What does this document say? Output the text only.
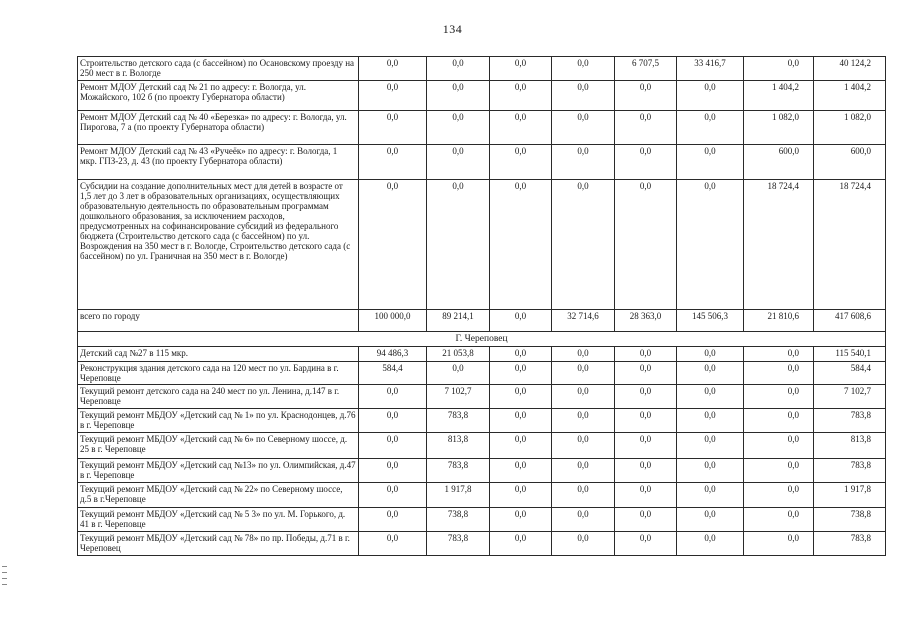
134
Строительство детского сада (с бассейном) по Осановскому проезду на 250 мест в г. Вологде	0,0	0,0	0,0	0,0	6 707,5	33 416,7	0,0	40 124,2
Ремонт МДОУ Детский сад № 21 по адресу: г. Вологда, ул. Можайского, 102 б (по проекту Губернатора области)	0,0	0,0	0,0	0,0	0,0	0,0	1 404,2	1 404,2
Ремонт МДОУ Детский сад № 40 «Березка» по адресу: г. Вологда, ул. Пирогова, 7 а (по проекту Губернатора области)	0,0	0,0	0,0	0,0	0,0	0,0	1 082,0	1 082,0
Ремонт МДОУ Детский сад № 43 «Ручеёк» по адресу: г. Вологда, 1 мкр. ГПЗ-23, д. 43 (по проекту Губернатора области)	0,0	0,0	0,0	0,0	0,0	0,0	600,0	600,0
Субсидии на создание дополнительных мест для детей в возрасте от 1,5 лет до 3 лет в образовательных организациях, осуществляющих образовательную деятельность по образовательным программам дошкольного образования, за исключением расходов, предусмотренных на софинансирование субсидий из федерального бюджета (Строительство детского сада (с бассейном) по ул. Возрождения на 350 мест в г. Вологде, Строительство детского сада (с бассейном) по ул. Граничная на 350 мест в г. Вологде)	0,0	0,0	0,0	0,0	0,0	0,0	18 724,4	18 724,4
всего по городу	100 000,0	89 214,1	0,0	32 714,6	28 363,0	145 506,3	21 810,6	417 608,6
Г. Череповец								
Детский сад №27 в 115 мкр.	94 486,3	21 053,8	0,0	0,0	0,0	0,0	0,0	115 540,1
Реконструкция здания детского сада на 120 мест по ул. Бардина в г. Череповце	584,4	0,0	0,0	0,0	0,0	0,0	0,0	584,4
Текущий ремонт детского сада на 240 мест по ул. Ленина, д.147 в г. Череповце	0,0	7 102,7	0,0	0,0	0,0	0,0	0,0	7 102,7
Текущий ремонт МБДОУ «Детский сад № 1» по ул. Краснодонцев, д.76 в г. Череповце	0,0	783,8	0,0	0,0	0,0	0,0	0,0	783,8
Текущий ремонт МБДОУ «Детский сад № 6» по Северному шоссе, д. 25 в г. Череповце	0,0	813,8	0,0	0,0	0,0	0,0	0,0	813,8
Текущий ремонт МБДОУ «Детский сад №13» по ул. Олимпийская, д.47 в г. Череповце	0,0	783,8	0,0	0,0	0,0	0,0	0,0	783,8
Текущий ремонт МБДОУ «Детский сад № 22» по Северному шоссе, д.5 в г.Череповце	0,0	1 917,8	0,0	0,0	0,0	0,0	0,0	1 917,8
Текущий ремонт МБДОУ «Детский сад № 5 3» по ул. М. Горького, д. 41 в г. Череповце	0,0	738,8	0,0	0,0	0,0	0,0	0,0	738,8
Текущий ремонт МБДОУ «Детский сад № 78» по пр. Победы, д.71 в г. Череповец	0,0	783,8	0,0	0,0	0,0	0,0	0,0	783,8
